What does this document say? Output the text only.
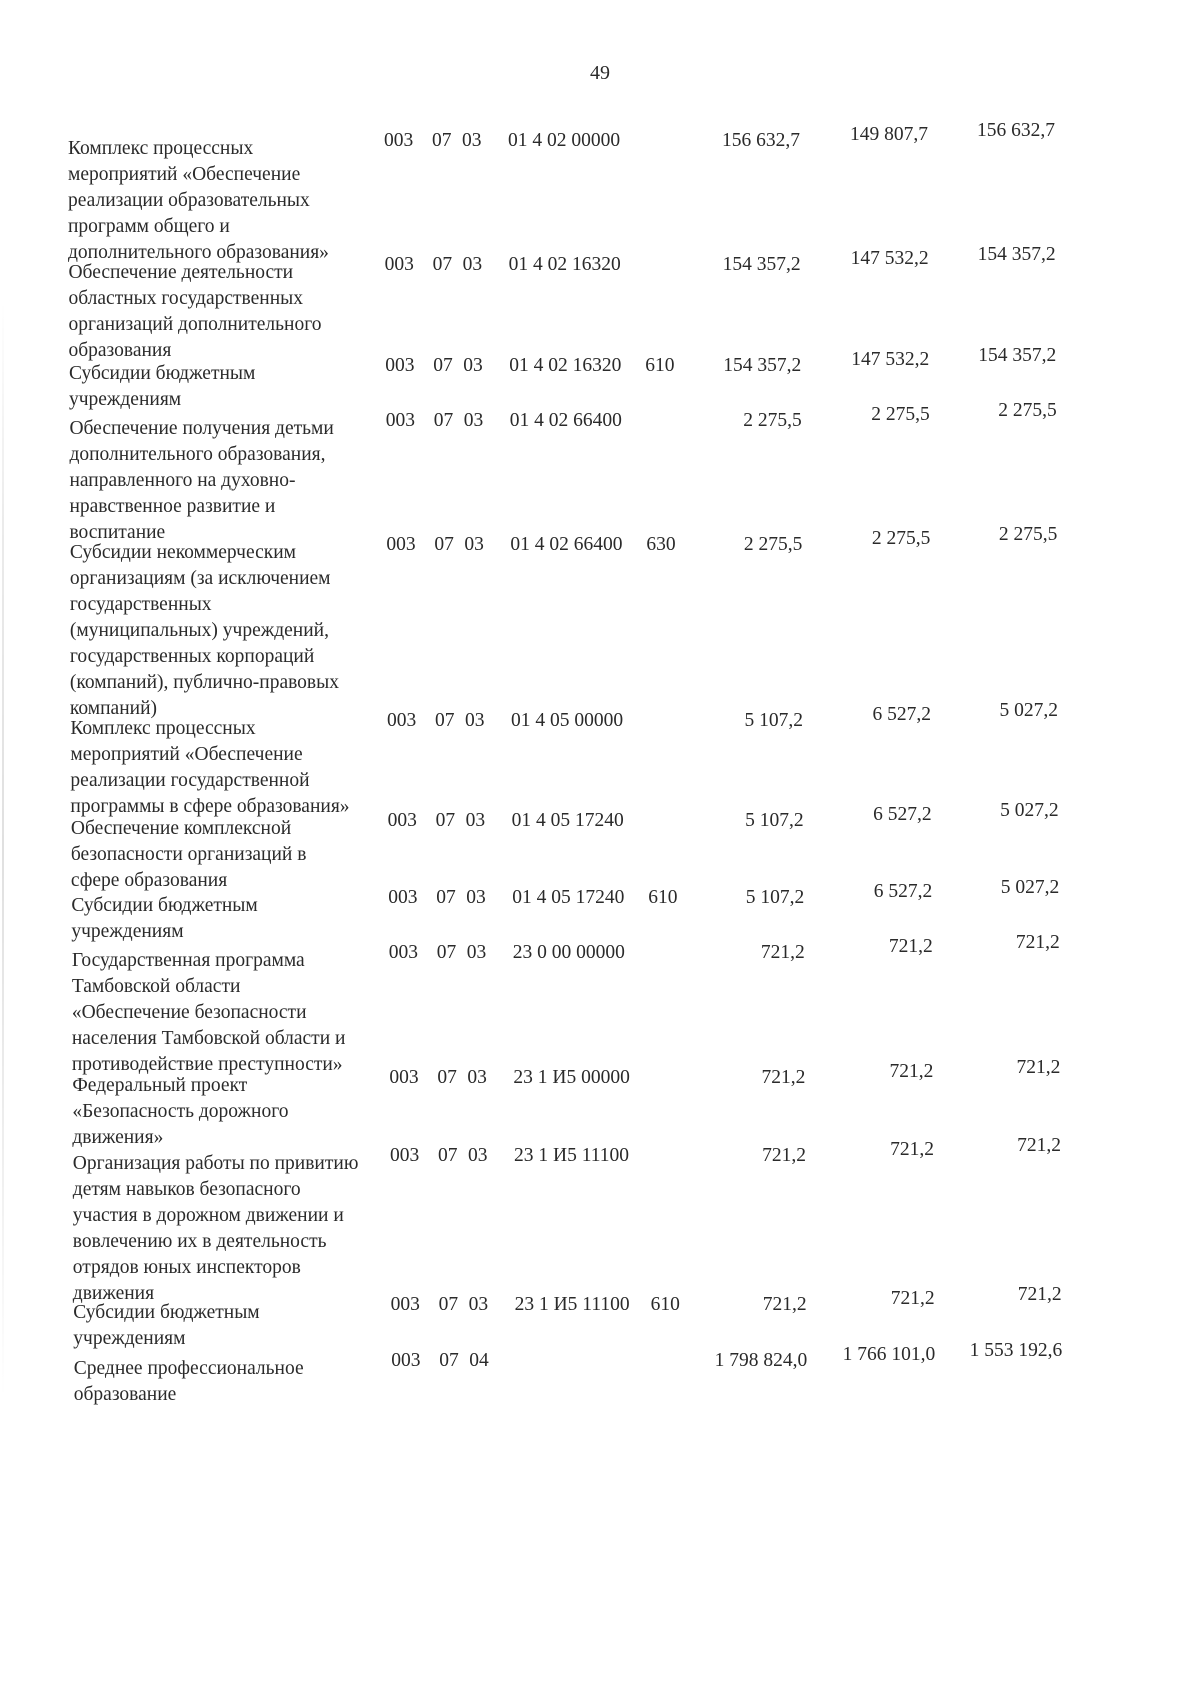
49
Комплекс процессных
мероприятий «Обеспечение
реализации образовательных
программ общего и
дополнительного образования»
003 07 03 01 4 02 00000	156 632,7	149 807,7	156 632,7
Обеспечение деятельности
областных государственных
организаций дополнительного
образования
003 07 03 01 4 02 16320	154 357,2	147 532,2	154 357,2
Субсидии бюджетным
учреждениям
003 07 03 01 4 02 16320 610	154 357,2	147 532,2	154 357,2
Обеспечение получения детьми
дополнительного образования,
направленного на духовно-
нравственное развитие и
воспитание
003 07 03 01 4 02 66400	2 275,5	2 275,5	2 275,5
Субсидии некоммерческим
организациям (за исключением
государственных
(муниципальных) учреждений,
государственных корпораций
(компаний), публично-правовых
компаний)
003 07 03 01 4 02 66400 630	2 275,5	2 275,5	2 275,5
Комплекс процессных
мероприятий «Обеспечение
реализации государственной
программы в сфере образования»
003 07 03 01 4 05 00000	5 107,2	6 527,2	5 027,2
Обеспечение комплексной
безопасности организаций в
сфере образования
003 07 03 01 4 05 17240	5 107,2	6 527,2	5 027,2
Субсидии бюджетным
учреждениям
003 07 03 01 4 05 17240 610	5 107,2	6 527,2	5 027,2
Государственная программа
Тамбовской области
«Обеспечение безопасности
населения Тамбовской области и
противодействие преступности»
003 07 03 23 0 00 00000	721,2	721,2	721,2
Федеральный проект
«Безопасность дорожного
движения»
003 07 03 23 1 И5 00000	721,2	721,2	721,2
Организация работы по привитию
детям навыков безопасного
участия в дорожном движении и
вовлечению их в деятельность
отрядов юных инспекторов
движения
003 07 03 23 1 И5 11100	721,2	721,2	721,2
Субсидии бюджетным
учреждениям
003 07 03 23 1 И5 11100 610	721,2	721,2	721,2
Среднее профессиональное
образование
003 07 04	1 798 824,0	1 766 101,0	1 553 192,6
